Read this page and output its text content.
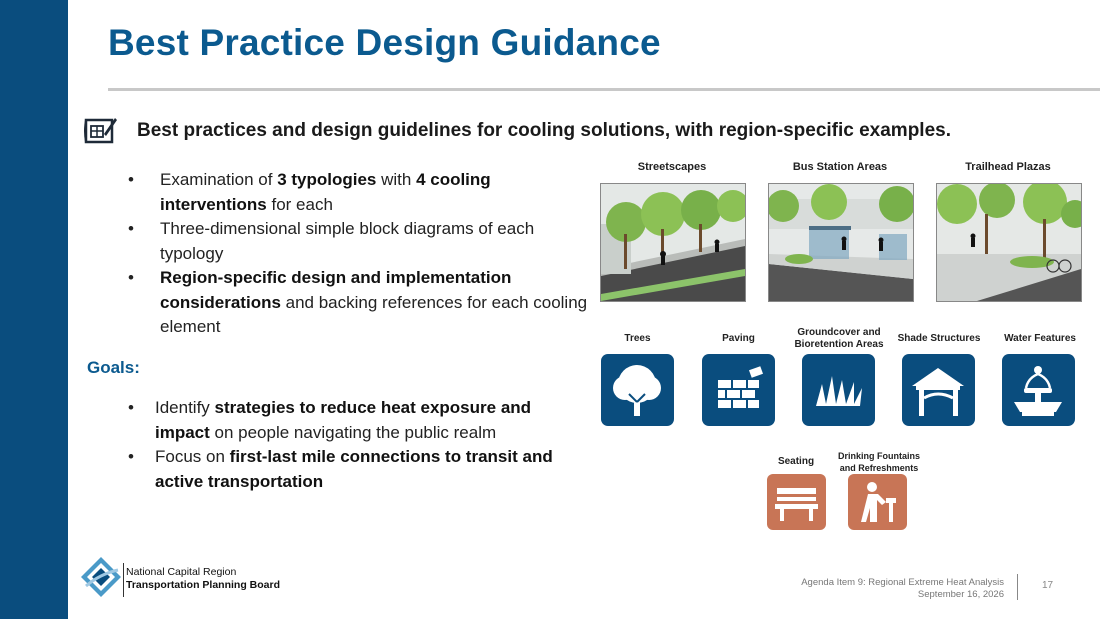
Best Practice Design Guidance
Best practices and design guidelines for cooling solutions, with region-specific examples.
• Examination of 3 typologies with 4 cooling interventions for each
• Three-dimensional simple block diagrams of each typology
• Region-specific design and implementation considerations and backing references for each cooling element
Goals:
• Identify strategies to reduce heat exposure and impact on people navigating the public realm
• Focus on first-last mile connections to transit and active transportation
Streetscapes	Bus Station Areas	Trailhead Plazas
Trees	Paving
Groundcover and Bioretention Areas
Shade Structures	Water Features
Seating	Drinking Fountains and Refreshments
National Capital Region
Transportation Planning Board	Agenda Item 9: Regional Extreme Heat Analysis
September 16, 2026
17
